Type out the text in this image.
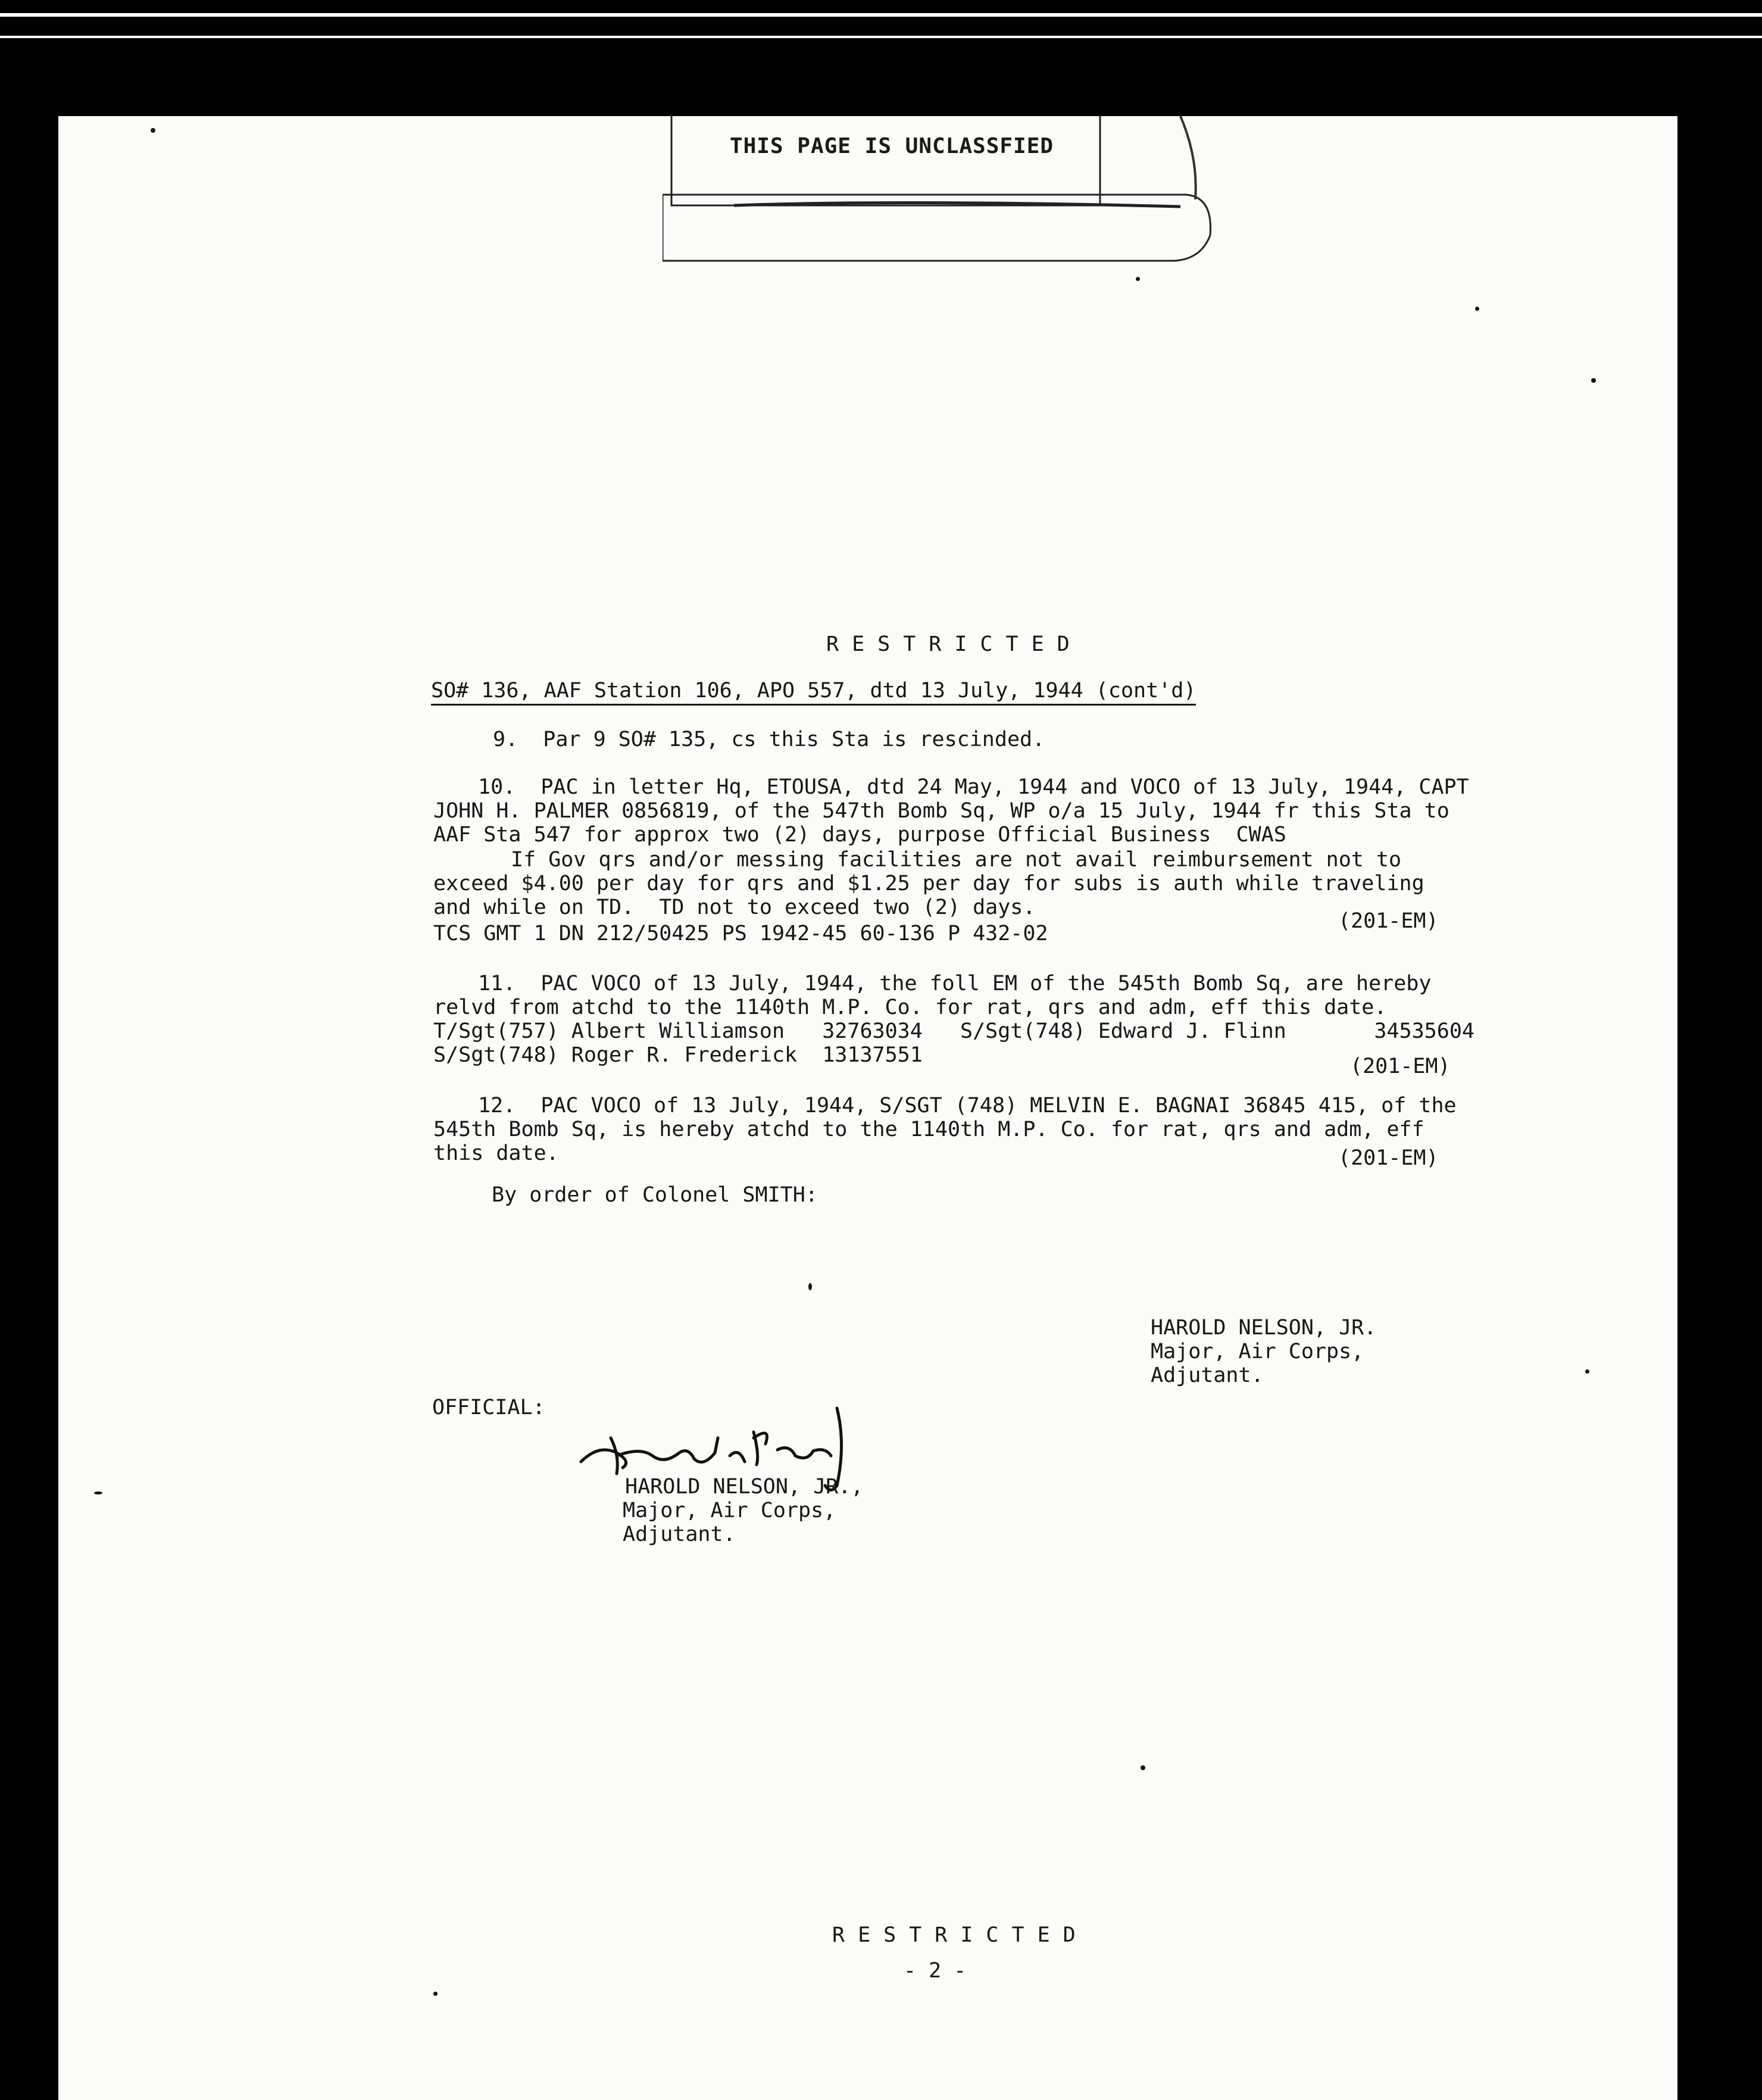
THIS PAGE IS UNCLASSFIED
RESTRICTED
SO# 136, AAF Station 106, APO 557, dtd 13 July, 1944 (cont'd)
9.  Par 9 SO# 135, cs this Sta is rescinded.
10.  PAC in letter Hq, ETOUSA, dtd 24 May, 1944 and VOCO of 13 July, 1944, CAPT
JOHN H. PALMER 0856819, of the 547th Bomb Sq, WP o/a 15 July, 1944 fr this Sta to
AAF Sta 547 for approx two (2) days, purpose Official Business  CWAS
If Gov qrs and/or messing facilities are not avail reimbursement not to
exceed $4.00 per day for qrs and $1.25 per day for subs is auth while traveling
and while on TD.  TD not to exceed two (2) days.
(201-EM)
TCS GMT 1 DN 212/50425 PS 1942-45 60-136 P 432-02
11.  PAC VOCO of 13 July, 1944, the foll EM of the 545th Bomb Sq, are hereby
relvd from atchd to the 1140th M.P. Co. for rat, qrs and adm, eff this date.
T/Sgt(757) Albert Williamson   32763034   S/Sgt(748) Edward J. Flinn       34535604
S/Sgt(748) Roger R. Frederick  13137551	(201-EM)
12.  PAC VOCO of 13 July, 1944, S/SGT (748) MELVIN E. BAGNAI 36845 415, of the
545th Bomb Sq, is hereby atchd to the 1140th M.P. Co. for rat, qrs and adm, eff
this date.	(201-EM)
By order of Colonel SMITH:
HAROLD NELSON, JR.
Major, Air Corps,
Adjutant.
OFFICIAL:
HAROLD NELSON, JR.,
Major, Air Corps,
Adjutant.
RESTRICTED
- 2 -
